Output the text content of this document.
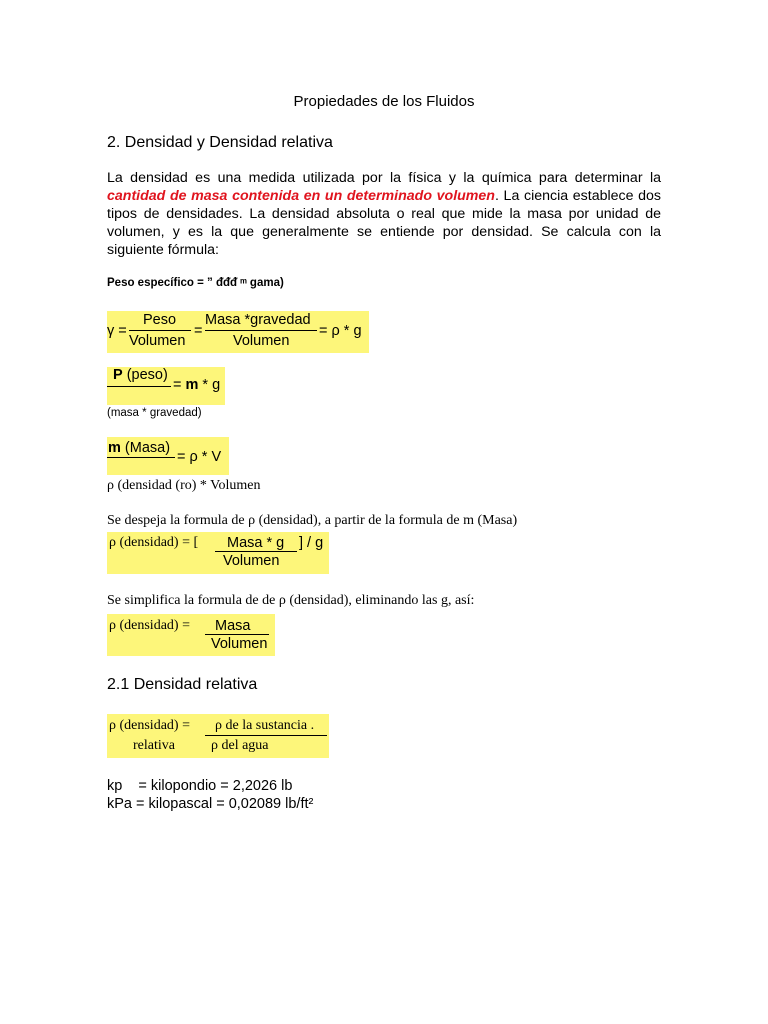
Propiedades de los Fluidos
2. Densidad y Densidad relativa

La densidad es una medida utilizada por la física y la química para determinar la cantidad de masa contenida en un determinado volumen. La ciencia establece dos tipos de densidades. La densidad absoluta o real que mide la masa por unidad de volumen, y es la que generalmente se entiende por densidad. Se calcula con la siguiente fórmula:

Peso específico = ” ᵭᵭᵭ ᵐ gama)
γ =
Peso
Volumen
=
Masa *gravedad
Volumen
= ρ * g
P (peso)
= m * g
(masa * gravedad)
m (Masa)
= ρ * V
ρ (densidad (ro) * Volumen
Se despeja la formula de ρ (densidad), a partir de la formula de m (Masa)
ρ (densidad) = [ Masa * g ] / g
Volumen
Se simplifica la formula de de ρ (densidad), eliminando las g, así:
ρ (densidad) = Masa
Volumen
2.1 Densidad relativa
ρ (densidad) =
relativa
ρ de la sustancia .
ρ del agua
kp    = kilopondio = 2,2026 lb
kPa = kilopascal = 0,02089 lb/ft²
